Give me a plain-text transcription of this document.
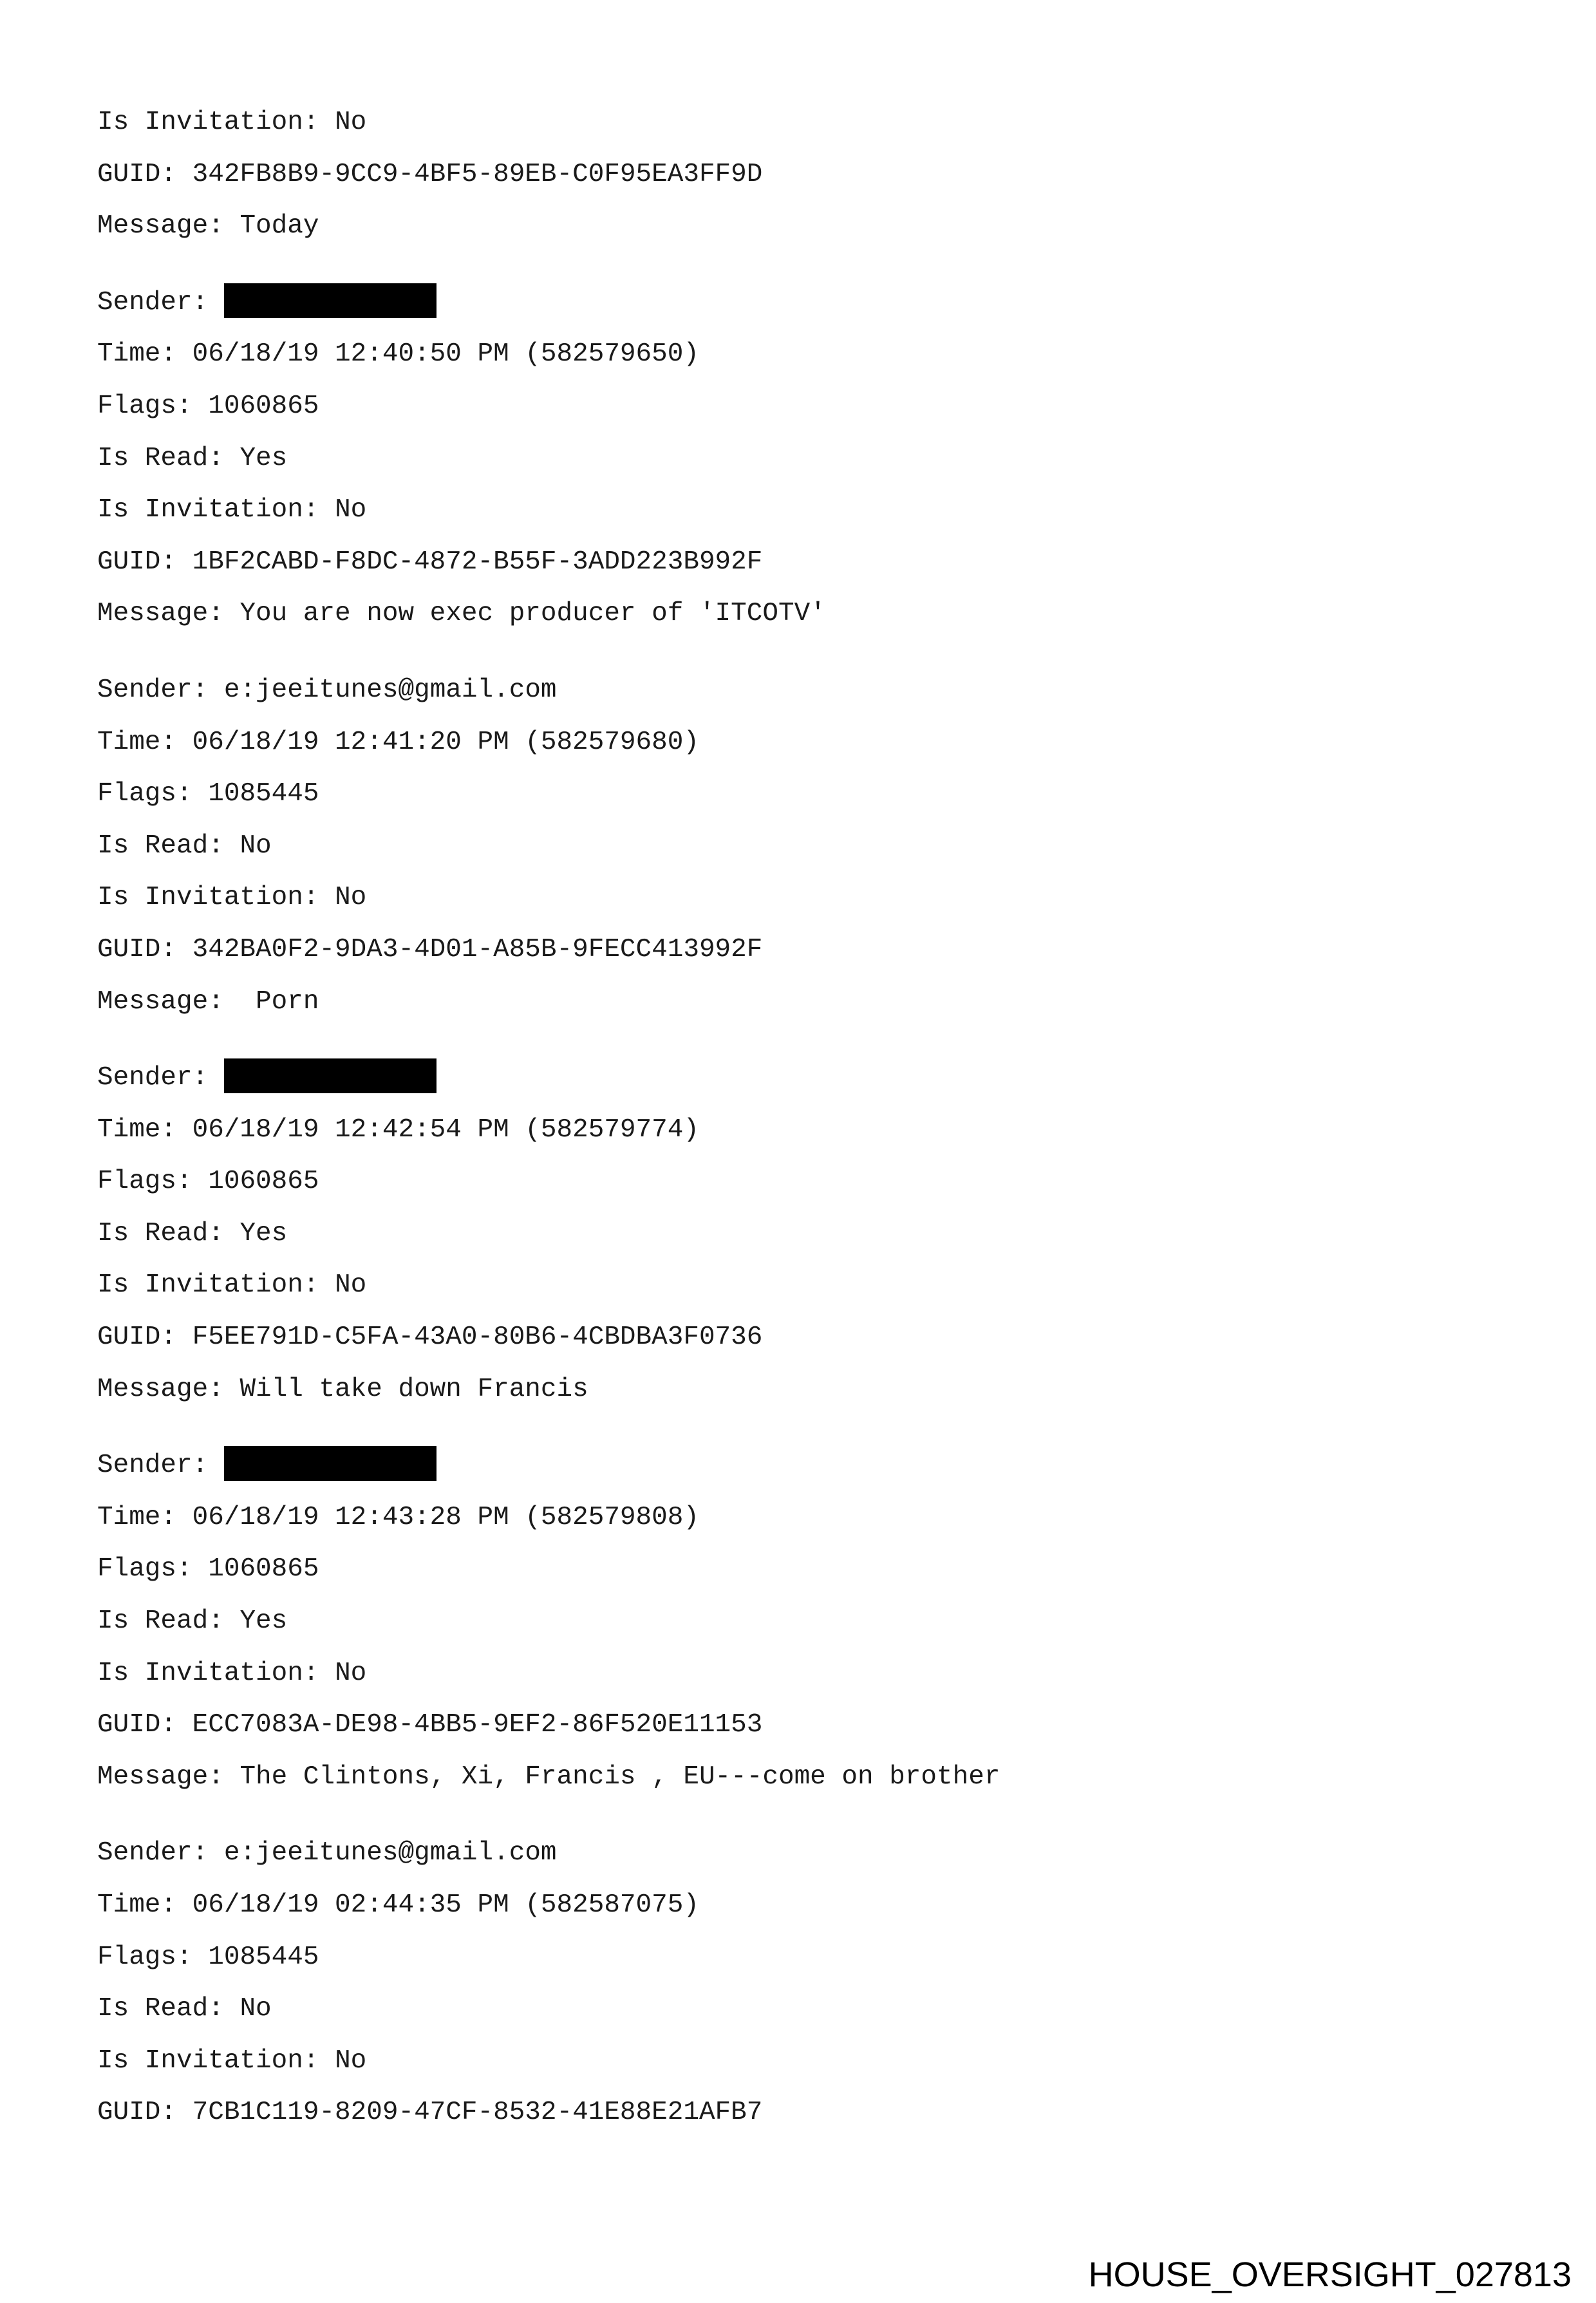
Is Invitation: No
GUID: 342FB8B9-9CC9-4BF5-89EB-C0F95EA3FF9D
Message: Today
Sender:
Time: 06/18/19 12:40:50 PM (582579650)
Flags: 1060865
Is Read: Yes
Is Invitation: No
GUID: 1BF2CABD-F8DC-4872-B55F-3ADD223B992F
Message: You are now exec producer of 'ITCOTV'
Sender: e:jeeitunes@gmail.com
Time: 06/18/19 12:41:20 PM (582579680)
Flags: 1085445
Is Read: No
Is Invitation: No
GUID: 342BA0F2-9DA3-4D01-A85B-9FECC413992F
Message:  Porn
Sender:
Time: 06/18/19 12:42:54 PM (582579774)
Flags: 1060865
Is Read: Yes
Is Invitation: No
GUID: F5EE791D-C5FA-43A0-80B6-4CBDBA3F0736
Message: Will take down Francis
Sender:
Time: 06/18/19 12:43:28 PM (582579808)
Flags: 1060865
Is Read: Yes
Is Invitation: No
GUID: ECC7083A-DE98-4BB5-9EF2-86F520E11153
Message: The Clintons, Xi, Francis , EU---come on brother
Sender: e:jeeitunes@gmail.com
Time: 06/18/19 02:44:35 PM (582587075)
Flags: 1085445
Is Read: No
Is Invitation: No
GUID: 7CB1C119-8209-47CF-8532-41E88E21AFB7
HOUSE_OVERSIGHT_027813
